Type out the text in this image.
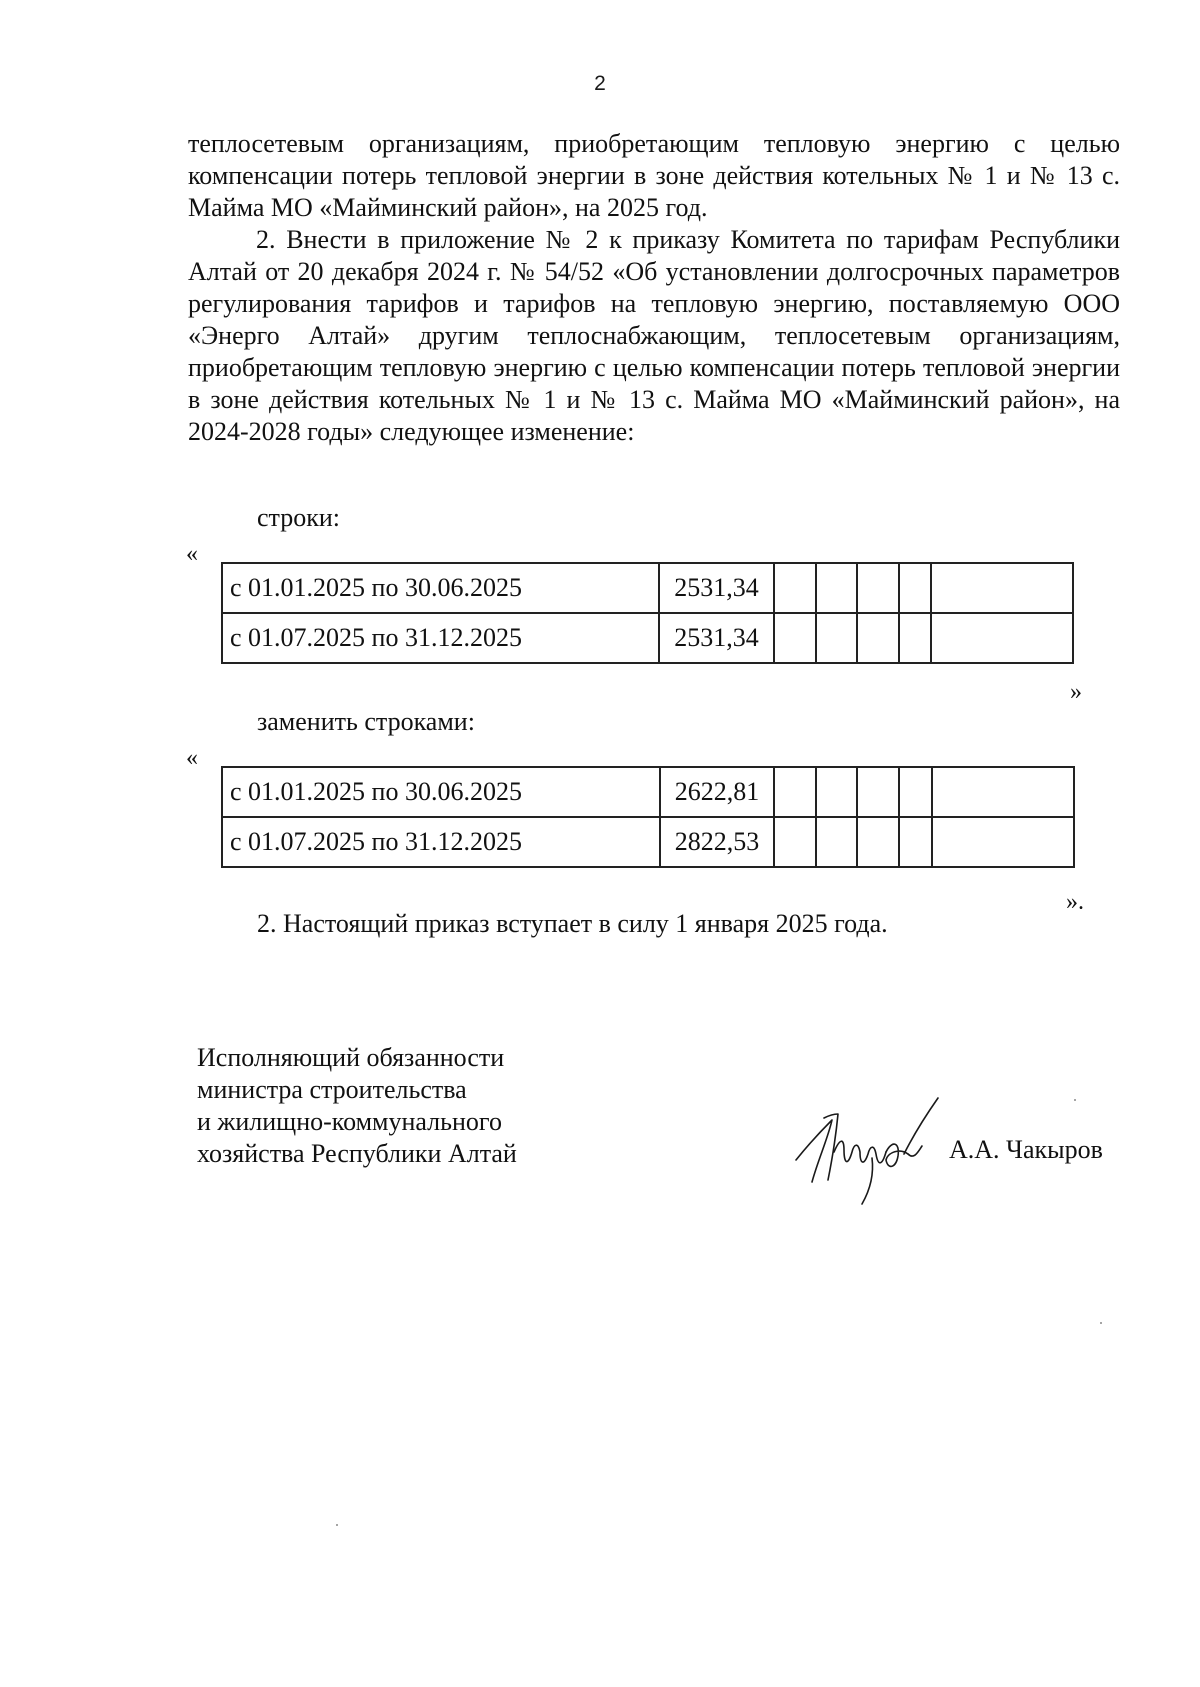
2

теплосетевым организациям, приобретающим тепловую энергию с целью компенсации потерь тепловой энергии в зоне действия котельных № 1 и № 13 с. Майма МО «Майминский район», на 2025 год.

2. Внести в приложение № 2 к приказу Комитета по тарифам Республики Алтай от 20 декабря 2024 г. № 54/52 «Об установлении долгосрочных параметров регулирования тарифов и тарифов на тепловую энергию, поставляемую ООО «Энерго Алтай» другим теплоснабжающим, теплосетевым организациям, приобретающим тепловую энергию с целью компенсации потерь тепловой энергии в зоне действия котельных № 1 и № 13 с. Майма МО «Майминский район», на 2024-2028 годы» следующее изменение:

строки:
«
с 01.01.2025 по 30.06.2025	2531,34					
с 01.07.2025 по 31.12.2025	2531,34					
»
заменить строками:
«
с 01.01.2025 по 30.06.2025	2622,81					
с 01.07.2025 по 31.12.2025	2822,53					
».
2. Настоящий приказ вступает в силу 1 января 2025 года.
Исполняющий обязанности
министра строительства
и жилищно-коммунального
хозяйства Республики Алтай	А.А. Чакыров
